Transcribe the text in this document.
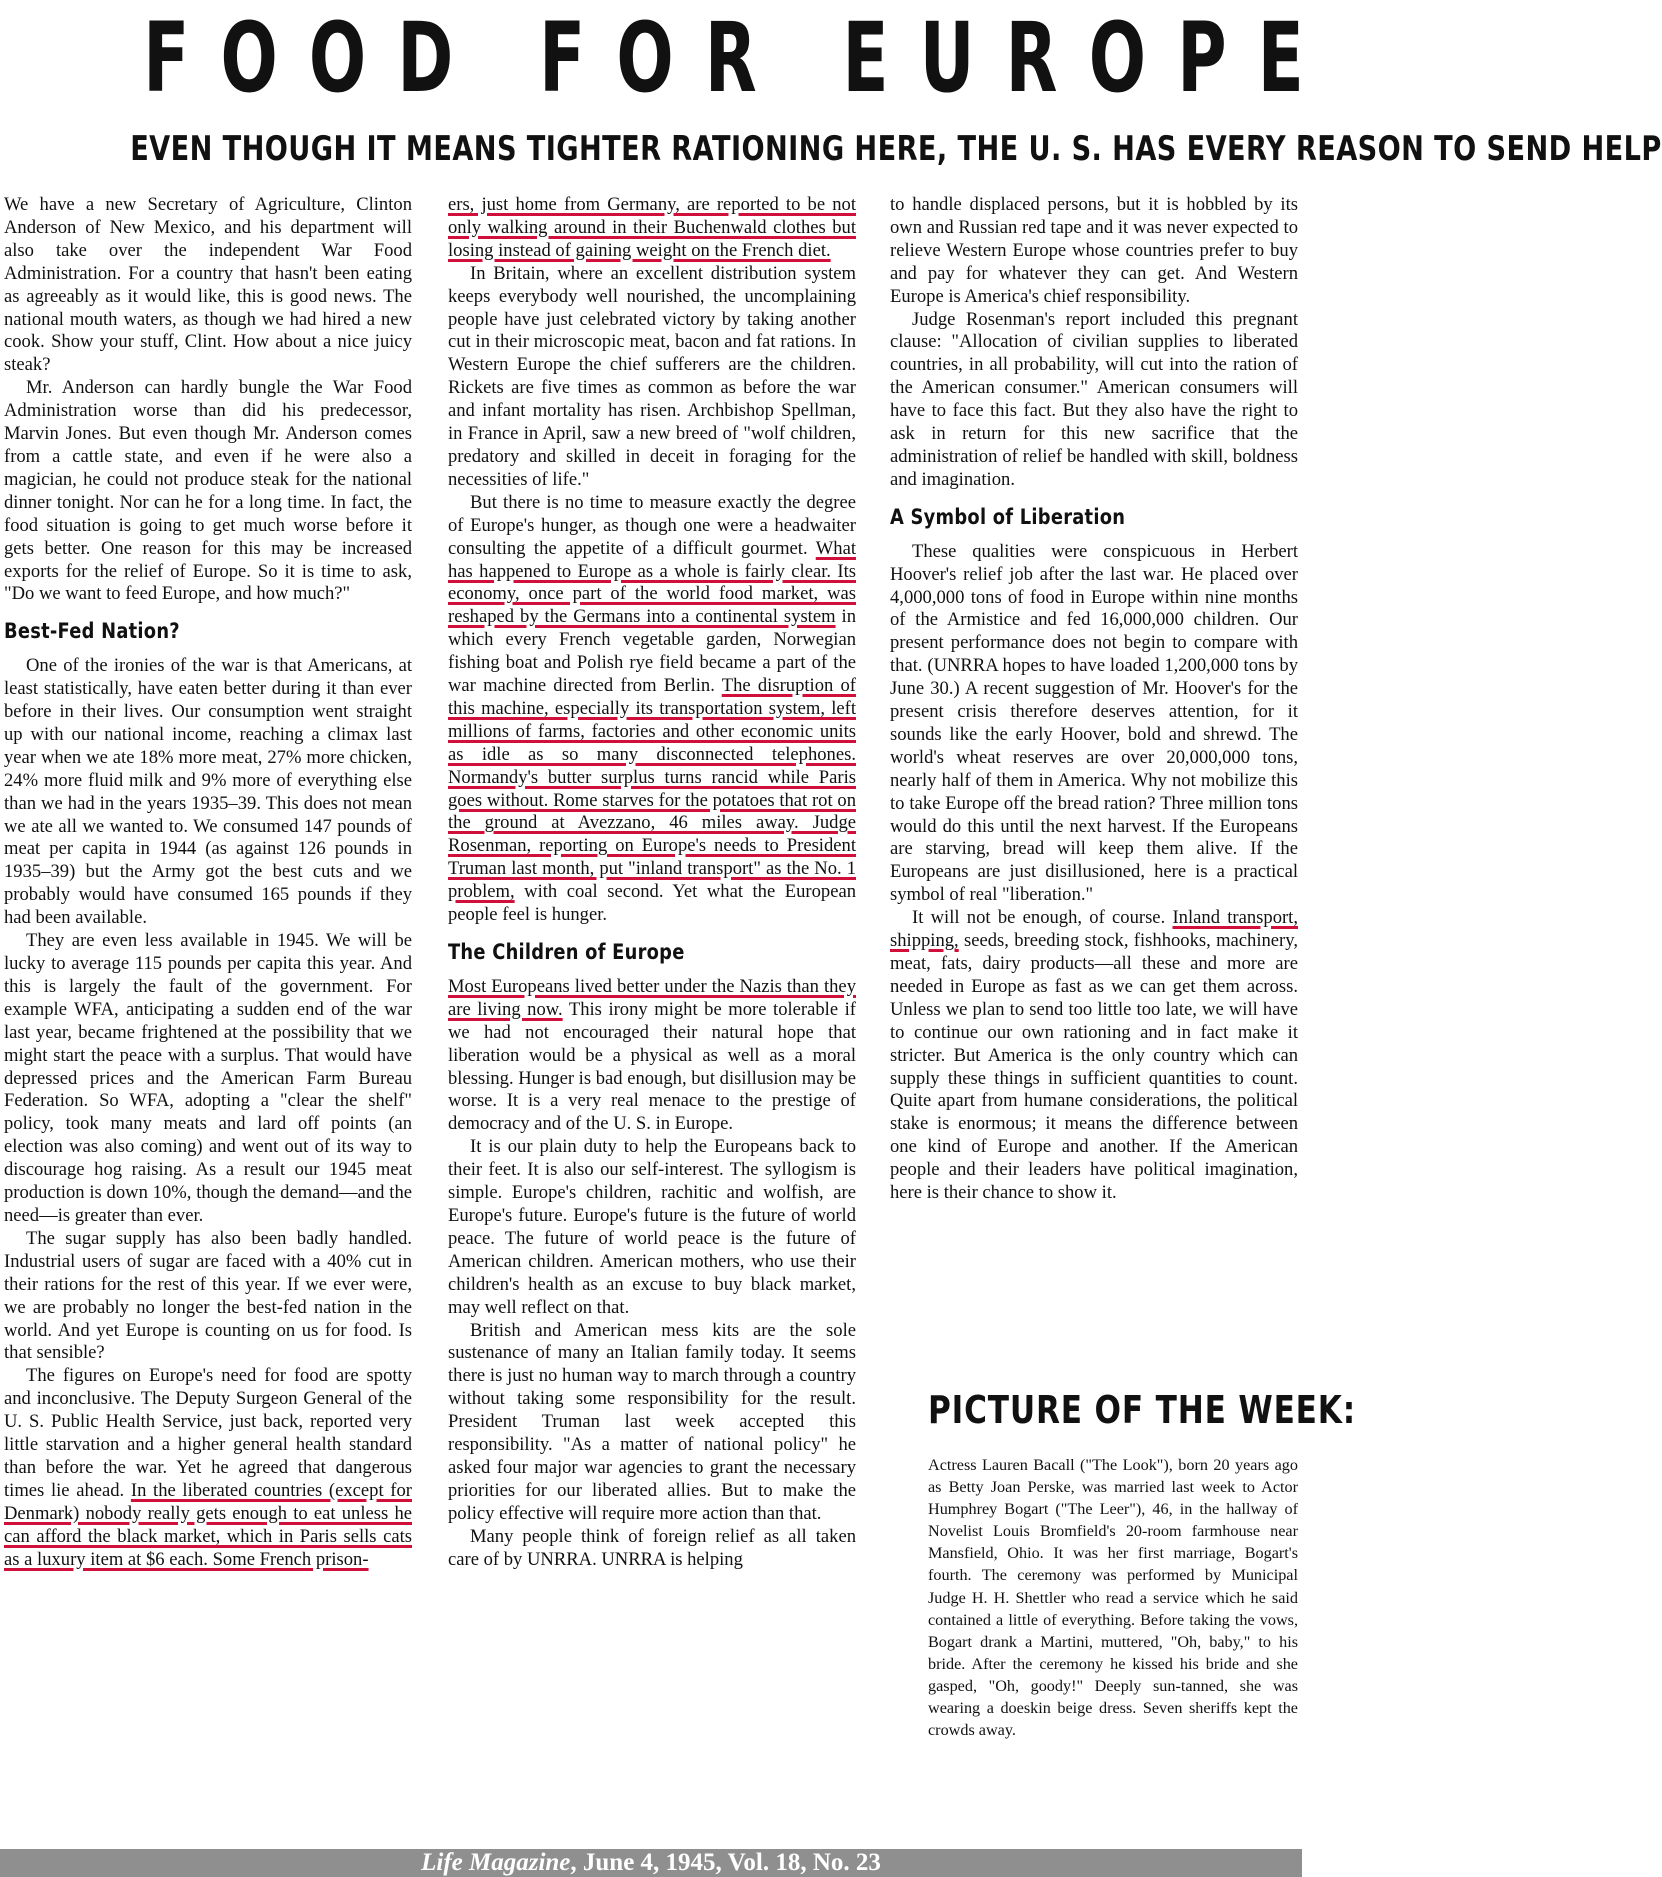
FOOD FOR EUROPE
EVEN THOUGH IT MEANS TIGHTER RATIONING HERE, THE U. S. HAS EVERY REASON TO SEND HELP

We have a new Secretary of Agriculture, Clinton Anderson of New Mexico, and his department will also take over the independent War Food Administration. For a country that hasn't been eating as agreeably as it would like, this is good news. The national mouth waters, as though we had hired a new cook. Show your stuff, Clint. How about a nice juicy steak?

Mr. Anderson can hardly bungle the War Food Administration worse than did his predecessor, Marvin Jones. But even though Mr. Anderson comes from a cattle state, and even if he were also a magician, he could not produce steak for the national dinner tonight. Nor can he for a long time. In fact, the food situation is going to get much worse before it gets better. One reason for this may be increased exports for the relief of Europe. So it is time to ask, "Do we want to feed Europe, and how much?"

Best-Fed Nation?

One of the ironies of the war is that Americans, at least statistically, have eaten better during it than ever before in their lives. Our consumption went straight up with our national income, reaching a climax last year when we ate 18% more meat, 27% more chicken, 24% more fluid milk and 9% more of everything else than we had in the years 1935–39. This does not mean we ate all we wanted to. We consumed 147 pounds of meat per capita in 1944 (as against 126 pounds in 1935–39) but the Army got the best cuts and we probably would have consumed 165 pounds if they had been available.

They are even less available in 1945. We will be lucky to average 115 pounds per capita this year. And this is largely the fault of the government. For example WFA, anticipating a sudden end of the war last year, became frightened at the possibility that we might start the peace with a surplus. That would have depressed prices and the American Farm Bureau Federation. So WFA, adopting a "clear the shelf" policy, took many meats and lard off points (an election was also coming) and went out of its way to discourage hog raising. As a result our 1945 meat production is down 10%, though the demand—and the need—is greater than ever.

The sugar supply has also been badly handled. Industrial users of sugar are faced with a 40% cut in their rations for the rest of this year. If we ever were, we are probably no longer the best-fed nation in the world. And yet Europe is counting on us for food. Is that sensible?

The figures on Europe's need for food are spotty and inconclusive. The Deputy Surgeon General of the U. S. Public Health Service, just back, reported very little starvation and a higher general health standard than before the war. Yet he agreed that dangerous times lie ahead. In the liberated countries (except for Denmark) nobody really gets enough to eat unless he can afford the black market, which in Paris sells cats as a luxury item at $6 each. Some French prison-

ers, just home from Germany, are reported to be not only walking around in their Buchenwald clothes but losing instead of gaining weight on the French diet.

In Britain, where an excellent distribution system keeps everybody well nourished, the uncomplaining people have just celebrated victory by taking another cut in their microscopic meat, bacon and fat rations. In Western Europe the chief sufferers are the children. Rickets are five times as common as before the war and infant mortality has risen. Archbishop Spellman, in France in April, saw a new breed of "wolf children, predatory and skilled in deceit in foraging for the necessities of life."

But there is no time to measure exactly the degree of Europe's hunger, as though one were a headwaiter consulting the appetite of a difficult gourmet. What has happened to Europe as a whole is fairly clear. Its economy, once part of the world food market, was reshaped by the Germans into a continental system in which every French vegetable garden, Norwegian fishing boat and Polish rye field became a part of the war machine directed from Berlin. The disruption of this machine, especially its transportation system, left millions of farms, factories and other economic units as idle as so many disconnected telephones. Normandy's butter surplus turns rancid while Paris goes without. Rome starves for the potatoes that rot on the ground at Avezzano, 46 miles away. Judge Rosenman, reporting on Europe's needs to President Truman last month, put "inland transport" as the No. 1 problem, with coal second. Yet what the European people feel is hunger.

The Children of Europe

Most Europeans lived better under the Nazis than they are living now. This irony might be more tolerable if we had not encouraged their natural hope that liberation would be a physical as well as a moral blessing. Hunger is bad enough, but disillusion may be worse. It is a very real menace to the prestige of democracy and of the U. S. in Europe.

It is our plain duty to help the Europeans back to their feet. It is also our self-interest. The syllogism is simple. Europe's children, rachitic and wolfish, are Europe's future. Europe's future is the future of world peace. The future of world peace is the future of American children. American mothers, who use their children's health as an excuse to buy black market, may well reflect on that.

British and American mess kits are the sole sustenance of many an Italian family today. It seems there is just no human way to march through a country without taking some responsibility for the result. President Truman last week accepted this responsibility. "As a matter of national policy" he asked four major war agencies to grant the necessary priorities for our liberated allies. But to make the policy effective will require more action than that.

Many people think of foreign relief as all taken care of by UNRRA. UNRRA is helping

to handle displaced persons, but it is hobbled by its own and Russian red tape and it was never expected to relieve Western Europe whose countries prefer to buy and pay for whatever they can get. And Western Europe is America's chief responsibility.

Judge Rosenman's report included this pregnant clause: "Allocation of civilian supplies to liberated countries, in all probability, will cut into the ration of the American consumer." American consumers will have to face this fact. But they also have the right to ask in return for this new sacrifice that the administration of relief be handled with skill, boldness and imagination.

A Symbol of Liberation

These qualities were conspicuous in Herbert Hoover's relief job after the last war. He placed over 4,000,000 tons of food in Europe within nine months of the Armistice and fed 16,000,000 children. Our present performance does not begin to compare with that. (UNRRA hopes to have loaded 1,200,000 tons by June 30.) A recent suggestion of Mr. Hoover's for the present crisis therefore deserves attention, for it sounds like the early Hoover, bold and shrewd. The world's wheat reserves are over 20,000,000 tons, nearly half of them in America. Why not mobilize this to take Europe off the bread ration? Three million tons would do this until the next harvest. If the Europeans are starving, bread will keep them alive. If the Europeans are just disillusioned, here is a practical symbol of real "liberation."

It will not be enough, of course. Inland transport, shipping, seeds, breeding stock, fishhooks, machinery, meat, fats, dairy products—all these and more are needed in Europe as fast as we can get them across. Unless we plan to send too little too late, we will have to continue our own rationing and in fact make it stricter. But America is the only country which can supply these things in sufficient quantities to count. Quite apart from humane considerations, the political stake is enormous; it means the difference between one kind of Europe and another. If the American people and their leaders have political imagination, here is their chance to show it.

PICTURE OF THE WEEK:
Actress Lauren Bacall ("The Look"), born 20 years ago as Betty Joan Perske, was married last week to Actor Humphrey Bogart ("The Leer"), 46, in the hallway of Novelist Louis Bromfield's 20-room farmhouse near Mansfield, Ohio. It was her first marriage, Bogart's fourth. The ceremony was performed by Municipal Judge H. H. Shettler who read a service which he said contained a little of everything. Before taking the vows, Bogart drank a Martini, muttered, "Oh, baby," to his bride. After the ceremony he kissed his bride and she gasped, "Oh, goody!" Deeply sun-tanned, she was wearing a doeskin beige dress. Seven sheriffs kept the crowds away.
Life Magazine, June 4, 1945, Vol. 18, No. 23
